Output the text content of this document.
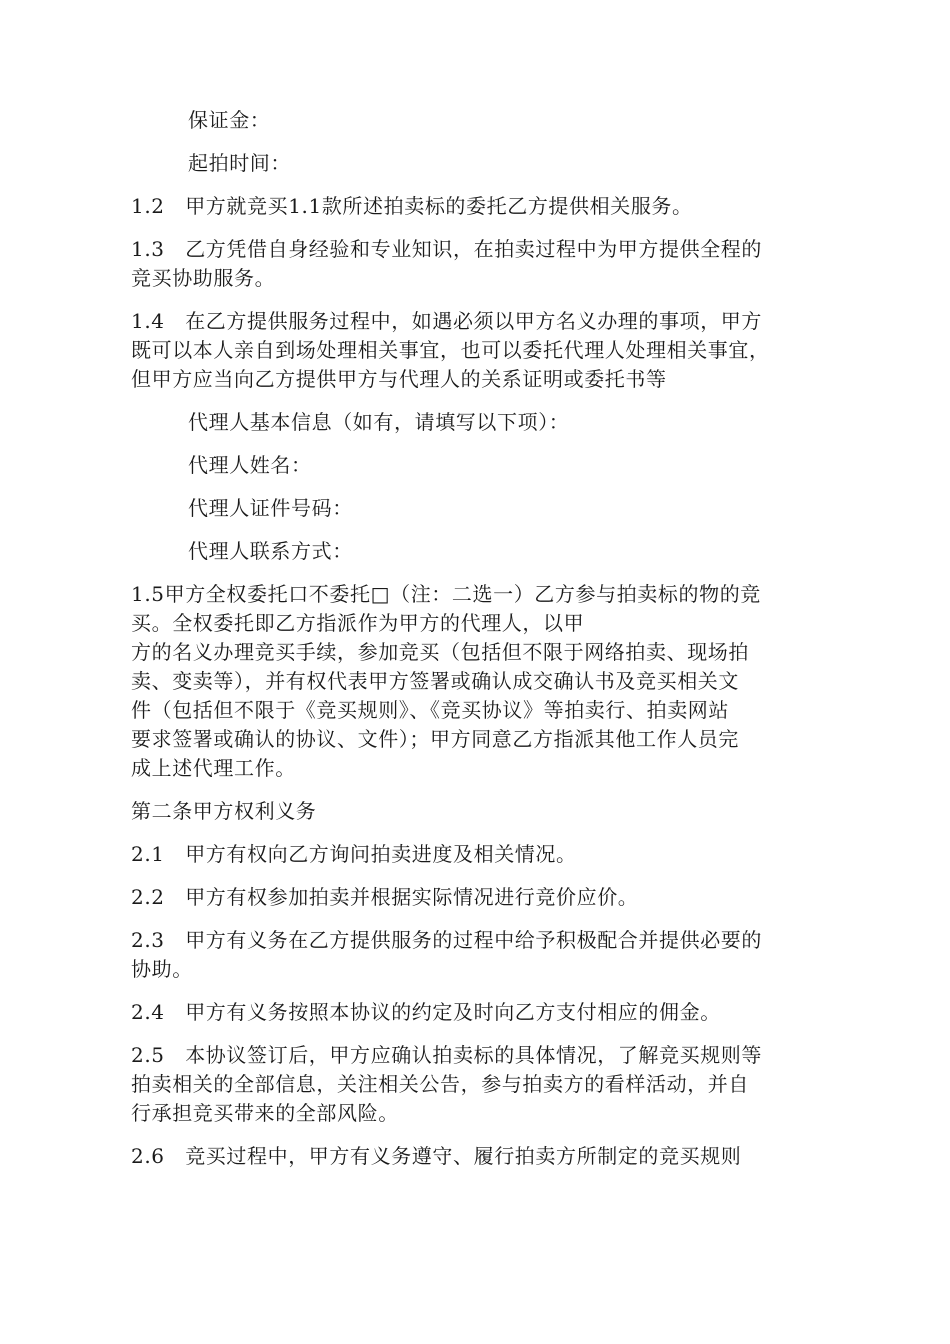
保证金：
起拍时间：
1.2　甲方就竞买1.1款所述拍卖标的委托乙方提供相关服务。
1.3　乙方凭借自身经验和专业知识，在拍卖过程中为甲方提供全程的
竞买协助服务。
1.4　在乙方提供服务过程中，如遇必须以甲方名义办理的事项，甲方
既可以本人亲自到场处理相关事宜，也可以委托代理人处理相关事宜，
但甲方应当向乙方提供甲方与代理人的关系证明或委托书等
代理人基本信息（如有，请填写以下项）：
代理人姓名：
代理人证件号码：
代理人联系方式：
1.5甲方全权委托口不委托□（注：二选一）乙方参与拍卖标的物的竞
买。全权委托即乙方指派作为甲方的代理人，以甲
方的名义办理竞买手续，参加竞买（包括但不限于网络拍卖、现场拍
卖、变卖等），并有权代表甲方签署或确认成交确认书及竞买相关文
件（包括但不限于《竞买规则》、《竞买协议》等拍卖行、拍卖网站
要求签署或确认的协议、文件）；甲方同意乙方指派其他工作人员完
成上述代理工作。
第二条甲方权利义务
2.1　甲方有权向乙方询问拍卖进度及相关情况。
2.2　甲方有权参加拍卖并根据实际情况进行竞价应价。
2.3　甲方有义务在乙方提供服务的过程中给予积极配合并提供必要的
协助。
2.4　甲方有义务按照本协议的约定及时向乙方支付相应的佣金。
2.5　本协议签订后，甲方应确认拍卖标的具体情况，了解竞买规则等
拍卖相关的全部信息，关注相关公告，参与拍卖方的看样活动，并自
行承担竞买带来的全部风险。
2.6　竞买过程中，甲方有义务遵守、履行拍卖方所制定的竞买规则
